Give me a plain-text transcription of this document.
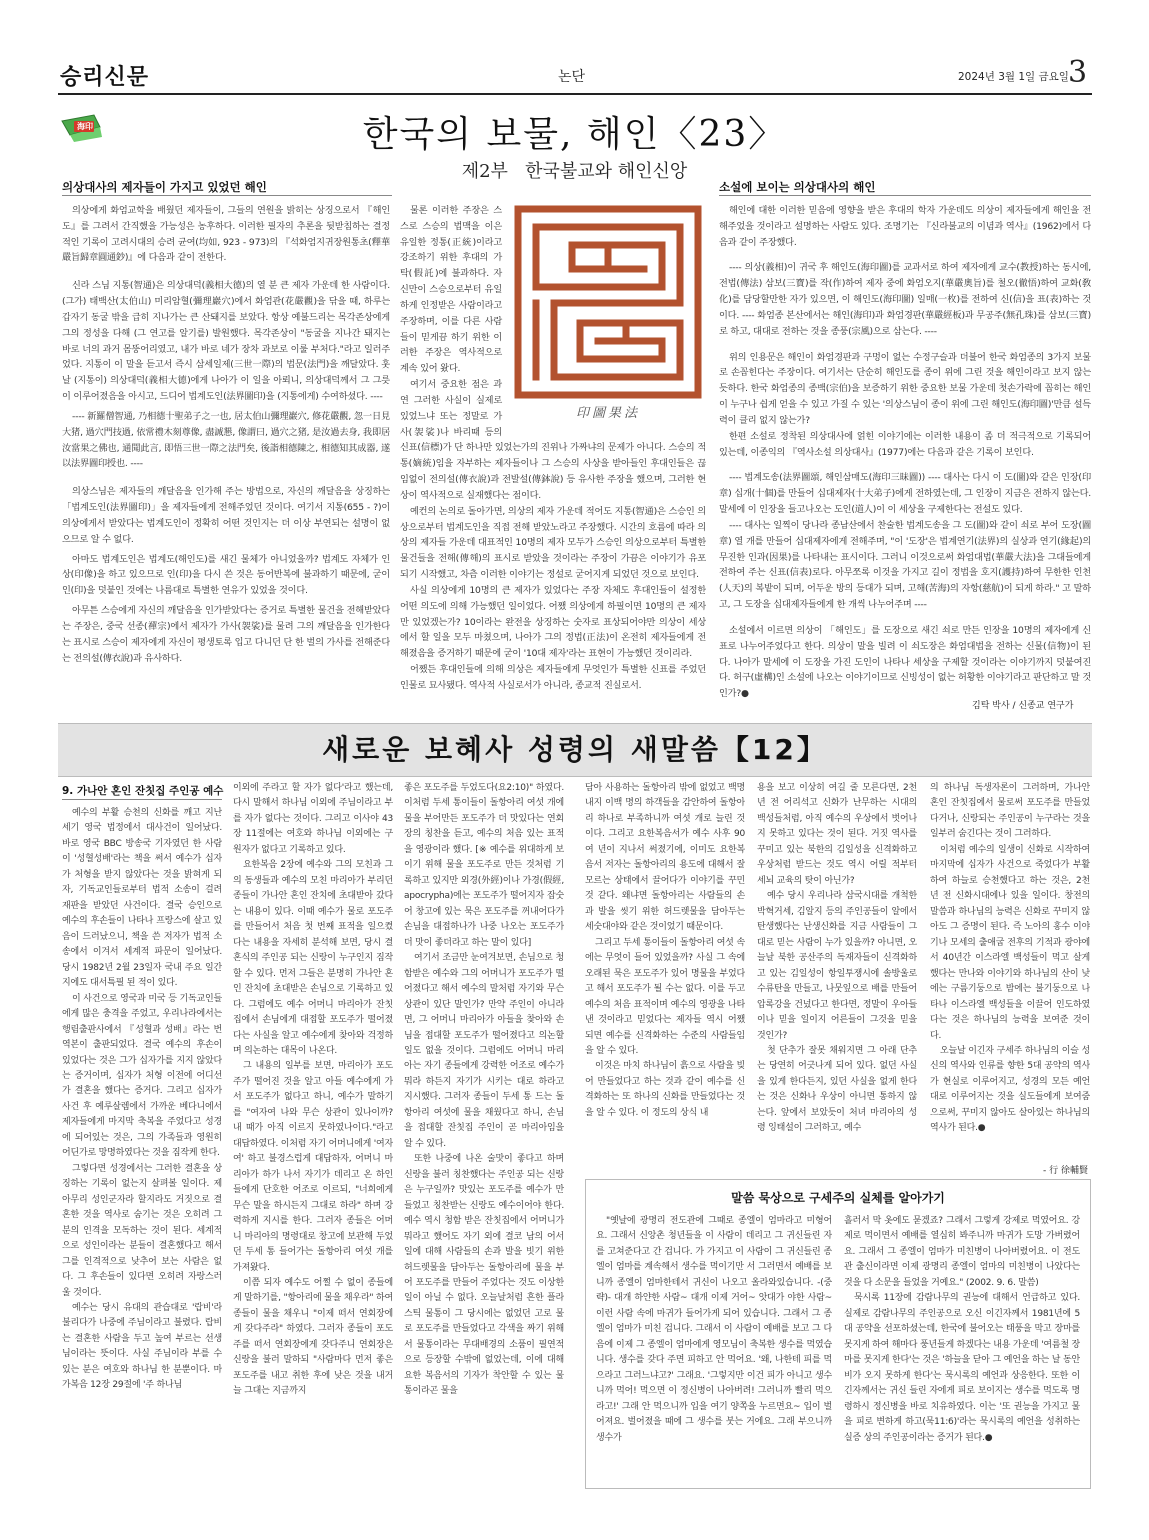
승리신문	논단	2024년 3월 1일 금요일 3
海印	한국의 보물, 해인〈23〉
제2부   한국불교와 해인신앙
의상대사의 제자들이 가지고 있었던 해인	소설에 보이는 의상대사의 해인

의상에게 화엄교학을 배웠던 제자들이, 그들의 연원을 밝히는 상징으로서 『해인도』를 그려서 간직했을 가능성은 농후하다. 이러한 필자의 추론을 뒷받침하는 결정적인 기록이 고려시대의 승려 균여(均如, 923 - 973)의 『석화엄지귀장원통초(釋華嚴旨歸章圓通鈔)』에 다음과 같이 전한다.

신라 스님 지통(智通)은 의상대덕(義相大德)의 열 분 큰 제자 가운데 한 사람이다. (그가) 태백산(太伯山) 미리암혈(彌理巖穴)에서 화엄관(花嚴觀)을 닦을 때, 하루는 갑자기 동굴 밖을 급히 지나가는 큰 산돼지를 보았다. 항상 예불드리는 목각존상에게 그의 정성을 다해 (그 연고를 알기를) 발원했다. 목각존상이 "동굴을 지나간 돼지는 바로 너의 과거 몸뚱어리였고, 내가 바로 네가 장차 과보로 이룰 부처다."라고 일러주었다. 지통이 이 말을 듣고서 즉시 삼세일제(三世一際)의 법문(法門)을 깨달았다. 훗날 (지통이) 의상대덕(義相大德)에게 나아가 이 일을 아뢰니, 의상대덕께서 그 그릇이 이루어졌음을 아시고, 드디어 법계도인(法界圖印)을 (지통에게) 수여하셨다. ----

---- 新羅僧智通, 乃相德十聖弟子之一也, 居太伯山彌理巖穴, 修花嚴觀, 忽一日見大猪, 過穴門技過, 依常禮木刻尊像, 盡誠懇, 像謂曰, 過穴之猪, 是汝過去身, 我即居汝當果之佛也, 通聞此言, 即悟三世一際之法門矣, 後詣相德陳之, 相德知其成器, 遂以法界圖印授也. ----

의상스님은 제자들의 깨달음을 인가해 주는 방법으로, 자신의 깨달음을 상징하는 「법계도인(法界圖印)」을 제자들에게 전해주었던 것이다. 여기서 지통(655 - ?)이 의상에게서 받았다는 법계도인이 정확히 어떤 것인지는 더 이상 부연되는 설명이 없으므로 알 수 없다.

아마도 법계도인은 법계도(해인도)를 새긴 물체가 아니었을까? 법계도 자체가 인상(印像)을 하고 있으므로 인(印)을 다시 쓴 것은 동어반복에 불과하기 때문에, 굳이 인(印)을 덧붙인 것에는 나름대로 특별한 연유가 있었을 것이다.

아무튼 스승에게 자신의 깨달음을 인가받았다는 증거로 특별한 물건을 전해받았다는 주장은, 중국 선종(禪宗)에서 제자가 가사(袈裟)를 물려 그의 깨달음을 인가한다는 표시로 스승이 제자에게 자신이 평생토록 입고 다니던 단 한 벌의 가사를 전해준다는 전의설(傳衣說)과 유사하다.

印圖果法

물론 이러한 주장은 스스로 스승의 법맥을 이은 유일한 정통(正統)이라고 강조하기 위한 후대의 가탁(假託)에 불과하다. 자신만이 스승으로부터 유일하게 인정받은 사람이라고 주장하며, 이를 다른 사람들이 믿게끔 하기 위한 이러한 주장은 역사적으로 계속 있어 왔다.

여기서 중요한 점은 과연 그러한 사실이 실제로 있었느냐 또는 정말로 가사(袈裟)나 바리때 등의 신표(信標)가 단 하나만 있었는가의 진위나 가짜냐의 문제가 아니다. 스승의 적통(嫡統)임을 자부하는 제자들이나 그 스승의 사상을 받아들인 후대인들은 끊임없이 전의설(傳衣說)과 전발설(傳鉢說) 등 유사한 주장을 했으며, 그러한 현상이 역사적으로 실재했다는 점이다.

예컨의 논의로 돌아가면, 의상의 제자 가운데 적어도 지통(智通)은 스승인 의상으로부터 법계도인을 직접 전해 받았노라고 주장했다. 시간의 흐름에 따라 의상의 제자들 가운데 대표적인 10명의 제자 모두가 스승인 의상으로부터 특별한 물건들을 전해(傳해)의 표시로 받았을 것이라는 주장이 가끔은 이야기가 유포되기 시작했고, 차츰 이러한 이야기는 정설로 굳어지게 되었던 것으로 보인다.

사실 의상에게 10명의 큰 제자가 있었다는 주장 자체도 후대인들이 설정한 어떤 의도에 의해 가능했던 일이었다. 어쨌 의상에게 하필이면 10명의 큰 제자만 있었겠는가? 10이라는 완전을 상징하는 숫자로 표상되어야만 의상이 세상에서 할 일을 모두 마쳤으며, 나아가 그의 정법(正法)이 온전히 제자들에게 전해졌음을 증거하기 때문에 굳이 '10대 제자'라는 표현이 가능했던 것이리라.

어쨌든 후대인들에 의해 의상은 제자들에게 무엇인가 특별한 신표를 주었던 인물로 묘사됐다. 역사적 사실로서가 아니라, 종교적 진실로서.

해인에 대한 이러한 믿음에 영향을 받은 후대의 학자 가운데도 의상이 제자들에게 해인을 전해주었을 것이라고 설명하는 사람도 있다. 조명기는 『신라불교의 이념과 역사』(1962)에서 다음과 같이 주장했다.

---- 의상(義相)이 귀국 후 해인도(海印圖)를 교과서로 하여 제자에게 교수(教授)하는 동시에, 전법(傳法) 삼보(三寶)를 작(作)하여 제자 중에 화엄오지(華嚴奧旨)를 철오(徹悟)하여 교화(敎化)를 담당할만한 자가 있으면, 이 해인도(海印圖) 일매(一枚)를 전하여 신(信)을 표(表)하는 것이다. ---- 화엄종 본산에서는 해인(海印)과 화엄경판(華嚴經板)과 무공주(無孔珠)를 삼보(三寶)로 하고, 대대로 전하는 것을 종풍(宗風)으로 삼는다. ----

위의 인용문은 해인이 화엄경판과 구멍이 없는 수정구슬과 더불어 한국 화엄종의 3가지 보물로 손꼽힌다는 주장이다. 여기서는 단순히 해인도를 종이 위에 그린 것을 해인이라고 보지 않는 듯하다. 한국 화엄종의 종백(宗伯)을 보증하기 위한 중요한 보물 가운데 첫손가락에 꼽히는 해인이 누구나 쉽게 얻을 수 있고 가질 수 있는 '의상스님이 종이 위에 그린 해인도(海印圖)'만큼 설득력이 클리 없지 않는가?

한편 소설로 정착된 의상대사에 얽힌 이야기에는 이러한 내용이 좀 더 적극적으로 기록되어 있는데, 이종익의 『역사소설 의상대사』(1977)에는 다음과 같은 기록이 보인다.

---- 법계도송(法界圖頌, 해인삼매도(海印三昧圖)) ---- 대사는 다시 이 도(圖)와 같은 인장(印章) 십개(十個)를 만들어 십대제자(十大弟子)에게 전하였는데, 그 인장이 지금은 전하지 않는다. 말세에 이 인장을 들고나오는 도인(道人)이 이 세상을 구제한다는 전설도 있다.

---- 대사는 일찍이 당나라 종남산에서 찬술한 법계도송을 그 도(圖)와 같이 쇠로 부어 도장(圖章) 열 개를 만들어 십대제자에게 전해주며, "이 '도장'은 법계연기(法界)의 실상과 연기(緣起)의 무진한 인과(因果)를 나타내는 표시이다. 그러니 이것으로써 화엄대법(華嚴大法)을 그대들에게 전하여 주는 신표(信表)로다. 아무쪼록 이것을 가지고 길이 정법을 호지(護持)하여 무한한 인천(人天)의 복밭이 되며, 어두운 방의 등대가 되며, 고해(苦海)의 자항(慈航)이 되게 하라." 고 말하고, 그 도장을 십대제자들에게 한 개씩 나누어주며 ----

소설에서 이르면 의상이 「해인도」를 도장으로 새긴 쇠로 만든 인장을 10명의 제자에게 신표로 나누어주었다고 한다. 의상이 말을 빌려 이 쇠도장은 화엄대법을 전하는 신물(信物)이 된다. 나아가 말세에 이 도장을 가진 도인이 나타나 세상을 구제할 것이라는 이야기까지 덧붙여진다. 허구(虛構)인 소설에 나오는 이야기이므로 신빙성이 없는 허황한 이야기라고 판단하고 말 것인가?●

김탁 박사 / 신종교 연구가
새로운 보혜사 성령의 새말씀【12】
9. 가나안 혼인 잔칫집 주인공 예수

예수의 부활 승천의 신화를 깨고 지난 세기 영국 법정에서 대사건이 일어났다. 바로 영국 BBC 방송국 기자였던 한 사람이 '성혈성배'라는 책을 써서 예수가 십자가 처형을 받지 않았다는 것을 밝혀게 되자, 기독교인들로부터 법적 소송이 걸려 재판을 받았던 사건이다. 결국 승인으로 예수의 후손들이 나타나 프랑스에 살고 있음이 드러났으니, 책을 쓴 저자가 법적 소송에서 이겨서 세계적 파문이 일어났다. 당시 1982년 2월 23일자 국내 주요 일간지에도 대서특필 된 적이 있다.

이 사건으로 영국과 미국 등 기독교인들에게 많은 충격을 주었고, 우리나라에서는 행림출판사에서 『성혈과 성배』라는 번역본이 출판되었다. 결국 예수의 후손이 있었다는 것은 그가 십자가를 지지 않았다는 증거이며, 십자가 처형 이전에 어디선가 결혼을 했다는 증거다. 그리고 십자가 사건 후 예루살렘에서 가까운 베다니에서 제자들에게 마지막 축복을 주었다고 성경에 되어있는 것은, 그의 가족들과 영원히 어딘가로 망명하였다는 것을 짐작케 한다.

그렇다면 성경에서는 그러한 결혼을 상징하는 기록이 없는지 살펴볼 일이다. 제아무리 성인군자라 할지라도 거짓으로 결혼한 것을 역사로 숨기는 것은 오히려 그분의 인격을 모독하는 것이 된다. 세계적으로 성인이라는 분들이 결혼했다고 해서 그를 인격적으로 낮추어 보는 사람은 없다. 그 후손들이 있다면 오히려 자랑스러울 것이다.

예수는 당시 유대의 관습대로 '랍비'라 불리다가 나중에 주님이라고 불렸다. 랍비는 결혼한 사람을 두고 높여 부르는 선생님이라는 뜻이다. 사실 주님이라 부를 수 있는 분은 여호와 하나님 한 분뿐이다. 마가복음 12장 29절에 '주 하나님

이외에 주라고 할 자가 없다'라고 했는데, 다시 말해서 하나님 이외에 주님이라고 부를 자가 없다는 것이다. 그리고 이사야 43장 11절에는 여호와 하나님 이외에는 구원자가 없다고 기록하고 있다.

요한복음 2장에 예수와 그의 모친과 그의 동생들과 예수의 모친 마리아가 부리던 종들이 가나안 혼인 잔치에 초대받아 갔다는 내용이 있다. 이때 예수가 물로 포도주를 만들어서 처음 첫 번째 표적을 일으켰다는 내용을 자세히 분석해 보면, 당시 결혼식의 주인공 되는 신랑이 누구인지 짐작할 수 있다. 먼저 그들은 분명히 가나안 혼인 잔치에 초대받은 손님으로 기록하고 있다. 그럼에도 예수 어머니 마리아가 잔칫집에서 손님에게 대접할 포도주가 떨어졌다는 사실을 알고 예수에게 찾아와 걱정하며 의논하는 대목이 나온다.

그 내용의 일부를 보면, 마리아가 포도주가 떨어진 것을 알고 아들 예수에게 가서 포도주가 없다고 하니, 예수가 말하기를 "여자여 나와 무슨 상관이 있나이까? 내 때가 아직 이르지 못하였나이다."라고 대답하였다. 이처럼 자기 어머니에게 '여자여' 하고 불경스럽게 대답하자, 어머니 마리아가 하가 나서 자기가 데리고 온 하인들에게 단호한 어조로 이르되, "너희에게 무슨 말을 하시든지 그대로 하라" 하며 강력하게 지시를 한다. 그러자 종들은 어머니 마리아의 명령대로 창고에 보관해 두었던 두세 통 들어가는 돌항아리 여섯 개를 가져왔다.

이쯤 되자 예수도 어쩔 수 없이 종들에게 말하기를, "항아리에 물을 채우라" 하여 종들이 물을 채우니 "이제 떠서 연회장에게 갖다주라" 하였다. 그러자 종들이 포도주를 떠서 연회장에게 갖다주니 연회장은 신랑을 불러 말하되 "사람마다 먼저 좋은 포도주를 내고 취한 후에 낮은 것을 내거늘 그대는 지금까지

좋은 포도주를 두었도다(요2:10)" 하였다. 이처럼 두세 통이들이 돌항아리 여섯 개에 물을 부어만든 포도주가 더 맛있다는 연회장의 칭찬을 듣고, 예수의 처음 있는 표적을 영광이라 했다. [※ 예수를 위대하게 보이기 위해 물을 포도주로 만든 것처럼 기록하고 있지만 외경(外經)이나 가경(假經, apocrypha)에는 포도주가 떨어지자 잡숫어 창고에 있는 묵은 포도주를 꺼내어다가 손님을 대접하나가 나중 나오는 포도주가 더 맛이 좋더라고 하는 말이 있다]

여기서 조금만 눈여겨보면, 손님으로 청함받은 예수와 그의 어머니가 포도주가 떨어졌다고 해서 예수의 말처럼 자기와 무슨 상관이 있단 말인가? 만약 주인이 아니라면, 그 어머니 마리아가 아들을 찾아와 손님을 접대할 포도주가 떨어졌다고 의논할 일도 없을 것이다. 그럼에도 어머니 마리아는 자기 종들에게 강력한 어조로 예수가 뭐라 하든지 자기가 시키는 대로 하라고 지시했다. 그러자 종들이 두세 통 드는 돌항아리 여섯에 물을 채웠다고 하니, 손님을 접대할 잔칫집 주인이 곧 마리아임을 알 수 있다.

또한 나중에 나온 술맛이 좋다고 하며 신랑을 불러 칭찬했다는 주인공 되는 신랑은 누구일까? 맛있는 포도주를 예수가 만들었고 칭찬받는 신랑도 예수이어야 한다. 예수 역시 청함 받은 잔칫집에서 어머니가 뭐라고 했어도 자기 외에 결코 남의 어서 일에 대해 사람들의 손과 발을 빗기 위한 허드렛물을 담아두는 돌항아리에 물을 부어 포도주를 만들어 주었다는 것도 이상한 일이 아닐 수 없다. 오늘날처럼 흔한 플라스틱 물통이 그 당시에는 없었던 고로 물로 포도주를 만들었다고 각색을 짜기 위해서 물통이라는 무대배경의 소품이 필연적으로 등장할 수밖에 없었는데, 이에 대해 요한 복음서의 기자가 착안할 수 있는 물통이라곤 물을

담아 사용하는 돌항아리 밖에 없었고 백명 내지 이백 명의 하객들을 감안하여 돌항아리 하나로 부족하니까 여섯 개로 늘린 것이다. 그리고 요한복음서가 예수 사후 90여 년이 지나서 써졌기에, 이미도 요한복음서 저자는 돌항아리의 용도에 대해서 잘 모르는 상태에서 끌어다가 이야기를 꾸민 것 같다. 왜냐면 돌항아리는 사람들의 손과 발을 씻기 위한 허드렛물을 담아두는 세숫대야와 같은 것이었기 때문이다.

그리고 두세 통이들이 돌항아리 여섯 속에는 무엇이 들어 있었을까? 사실 그 속에 오래된 묵은 포도주가 있어 명물을 부었다고 해서 포도주가 될 수는 없다. 이를 두고 예수의 처음 표적이며 예수의 영광을 나타낸 것이라고 믿었다는 제자들 역시 어쨌 되면 예수를 신격화하는 수준의 사람들임을 알 수 있다.

이것은 마치 하나님이 흙으로 사람을 빚어 만들었다고 하는 것과 같이 예수를 신격화하는 또 하나의 신화를 만들었다는 것을 알 수 있다. 이 정도의 상식 내

용을 보고 이상히 여길 줄 모른다면, 2천 년 전 어리석고 신화가 난무하는 시대의 백성들처럼, 아직 예수의 우상에서 벗어나지 못하고 있다는 것이 된다. 거짓 역사를 꾸미고 있는 북한의 김일성을 신격화하고 우상처럼 받드는 것도 역시 어릴 적부터 세뇌 교육의 탓이 아닌가?

예수 당시 우리나라 삼국시대를 개척한 박혁거세, 김알지 등의 주인공들이 알에서 탄생했다는 난생신화를 지금 사람들이 그대로 믿는 사람이 누가 있을까? 아니면, 오늘날 북한 공산주의 독재자들이 신격화하고 있는 김일성이 항일투쟁시에 솔방울로 수류탄을 만들고, 나뭇잎으로 배를 만들어 압록강을 건넜다고 한다면, 정말이 우아들이나 믿을 일이지 어른들이 그것을 믿을 것인가?

첫 단추가 잘못 채워지면 그 아래 단추는 당연히 어긋나게 되어 있다. 없던 사실을 있게 한다든지, 있던 사실을 없게 한다는 것은 신화나 우상이 아니면 통하지 않는다. 앞에서 보았듯이 처녀 마리아의 성령 잉태설이 그러하고, 예수

의 하나님 독생자론이 그러하며, 가나안 혼인 잔칫집에서 물로써 포도주를 만들었다거나, 신랑되는 주인공이 누구라는 것을 일부러 숨긴다는 것이 그러하다.

이처럼 예수의 일생이 신화로 시작하여 마지막에 십자가 사건으로 죽었다가 부활하여 하늘로 승천했다고 하는 것은, 2천 년 전 신화시대에나 있을 일이다. 창전의 말씀과 하나님의 능력은 신화로 꾸미지 않아도 그 증명이 된다. 즉 노아의 홍수 이야기나 모세의 출애굽 전후의 기적과 광야에서 40년간 이스라엘 백성들이 먹고 살게 했다는 만나와 이야기와 하나님의 산이 낮에는 구름기둥으로 밤에는 불기둥으로 나타나 이스라엘 백성들을 이끌어 인도하였다는 것은 하나님의 능력을 보여준 것이다.

오늘날 이긴자 구세주 하나님의 이슬 성신의 역사와 인류를 향한 5대 공약의 역사가 현실로 이루어지고, 성경의 모든 예언대로 이루어지는 것을 실도들에게 보여줌으로써, 꾸미지 않아도 살아있는 하나님의 역사가 된다.●

- 行 徐輔賢
말씀 묵상으로 구세주의 실체를 알아가기

"옛날에 광명리 전도관에 그때로 종엘이 엄마라고 미형어요. 그래서 신앙촌 청년들을 이 사람이 데리고 그 귀신들린 자를 고쳐준다고 간 겁니다. 가 가지고 이 사람이 그 귀신들린 종엘이 엄마를 계속해서 생수를 먹이기만 서 그러면서 예배를 보니까 종엘이 엄마한테서 귀신이 나오고 올라와있습니다. -(중략)- 대개 하얀한 사람~ 대개 이제 거어~ 앗대가 야한 사람~ 이런 사람 속에 마귀가 들어가게 되어 있습니다. 그래서 그 종엘이 엄마가 미친 겁니다. 그래서 이 사람이 예배를 보고 그 다음에 이제 그 종엘이 엄마에게 영모님이 축복한 생수를 먹였습니다. 생수를 갖다 주면 피하고 안 먹어요. '왜, 나한테 피를 먹으라고 그러느냐고?' 그래요. '그렇지만 이건 피가 아니고 생수니까 먹어! 먹으면 이 정신병이 나아버려! 그러니까 빨리 먹으라고!' 그래 안 먹으니까 입을 여기 양쪽을 누르면요~ 입이 벌어져요. 벌어졌을 때에 그 생수를 붓는 거에요. 그래 부으니까 생수가

흘러서 막 옷에도 묻겠죠? 그래서 그렇게 강제로 먹였어요. 강제로 먹이면서 예배를 열심히 봐주니까 마귀가 도망 가버렸어요. 그래서 그 종엘이 엄마가 미친병이 나아버렸어요. 이 전도관 출신이라면 이제 광명리 종엘이 엄마의 미친병이 나았다는 것을 다 소문을 들었을 거예요." (2002. 9. 6. 말씀)

묵시록 11장에 감람나무의 권능에 대해서 언급하고 있다. 실제로 감람나무의 주인공으로 오신 이긴자께서 1981년에 5대 공약을 선포하셨는데, 한국에 불어오는 태풍을 막고 장마를 못지게 하여 해마다 풍년들게 하겠다는 내용 가운데 '여름철 장마를 못지게 한다'는 것은 '하늘을 닫아 그 예언을 하는 날 동안 비가 오지 못하게 한다'는 묵시록의 예언과 상응한다. 또한 이긴자께서는 귀신 들린 자에게 피로 보이지는 생수를 먹도록 명령하시 정신병을 바로 치유하였다. 이는 '또 권능을 가지고 물을 피로 변하게 하고(묵11:6)'라는 묵시록의 예언을 성취하는 실증 상의 주인공이라는 증거가 된다.●
